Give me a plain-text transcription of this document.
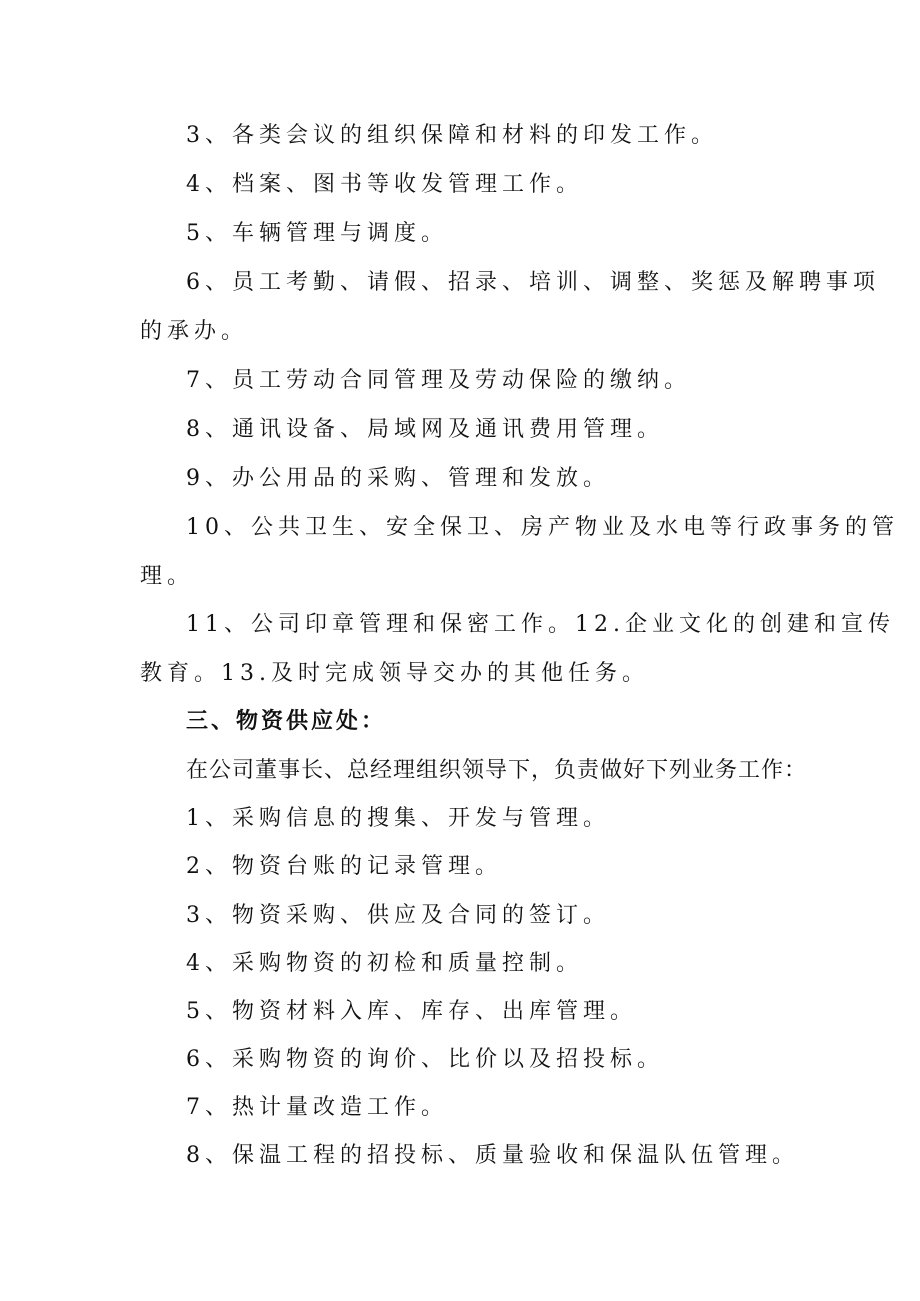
3、各类会议的组织保障和材料的印发工作。
4、档案、图书等收发管理工作。
5、车辆管理与调度。
6、员工考勤、请假、招录、培训、调整、奖惩及解聘事项
的承办。
7、员工劳动合同管理及劳动保险的缴纳。
8、通讯设备、局域网及通讯费用管理。
9、办公用品的采购、管理和发放。
10、公共卫生、安全保卫、房产物业及水电等行政事务的管
理。
11、公司印章管理和保密工作。12.企业文化的创建和宣传
教育。13.及时完成领导交办的其他任务。
三、物资供应处：
在公司董事长、总经理组织领导下，负责做好下列业务工作：
1、采购信息的搜集、开发与管理。
2、物资台账的记录管理。
3、物资采购、供应及合同的签订。
4、采购物资的初检和质量控制。
5、物资材料入库、库存、出库管理。
6、采购物资的询价、比价以及招投标。
7、热计量改造工作。
8、保温工程的招投标、质量验收和保温队伍管理。
